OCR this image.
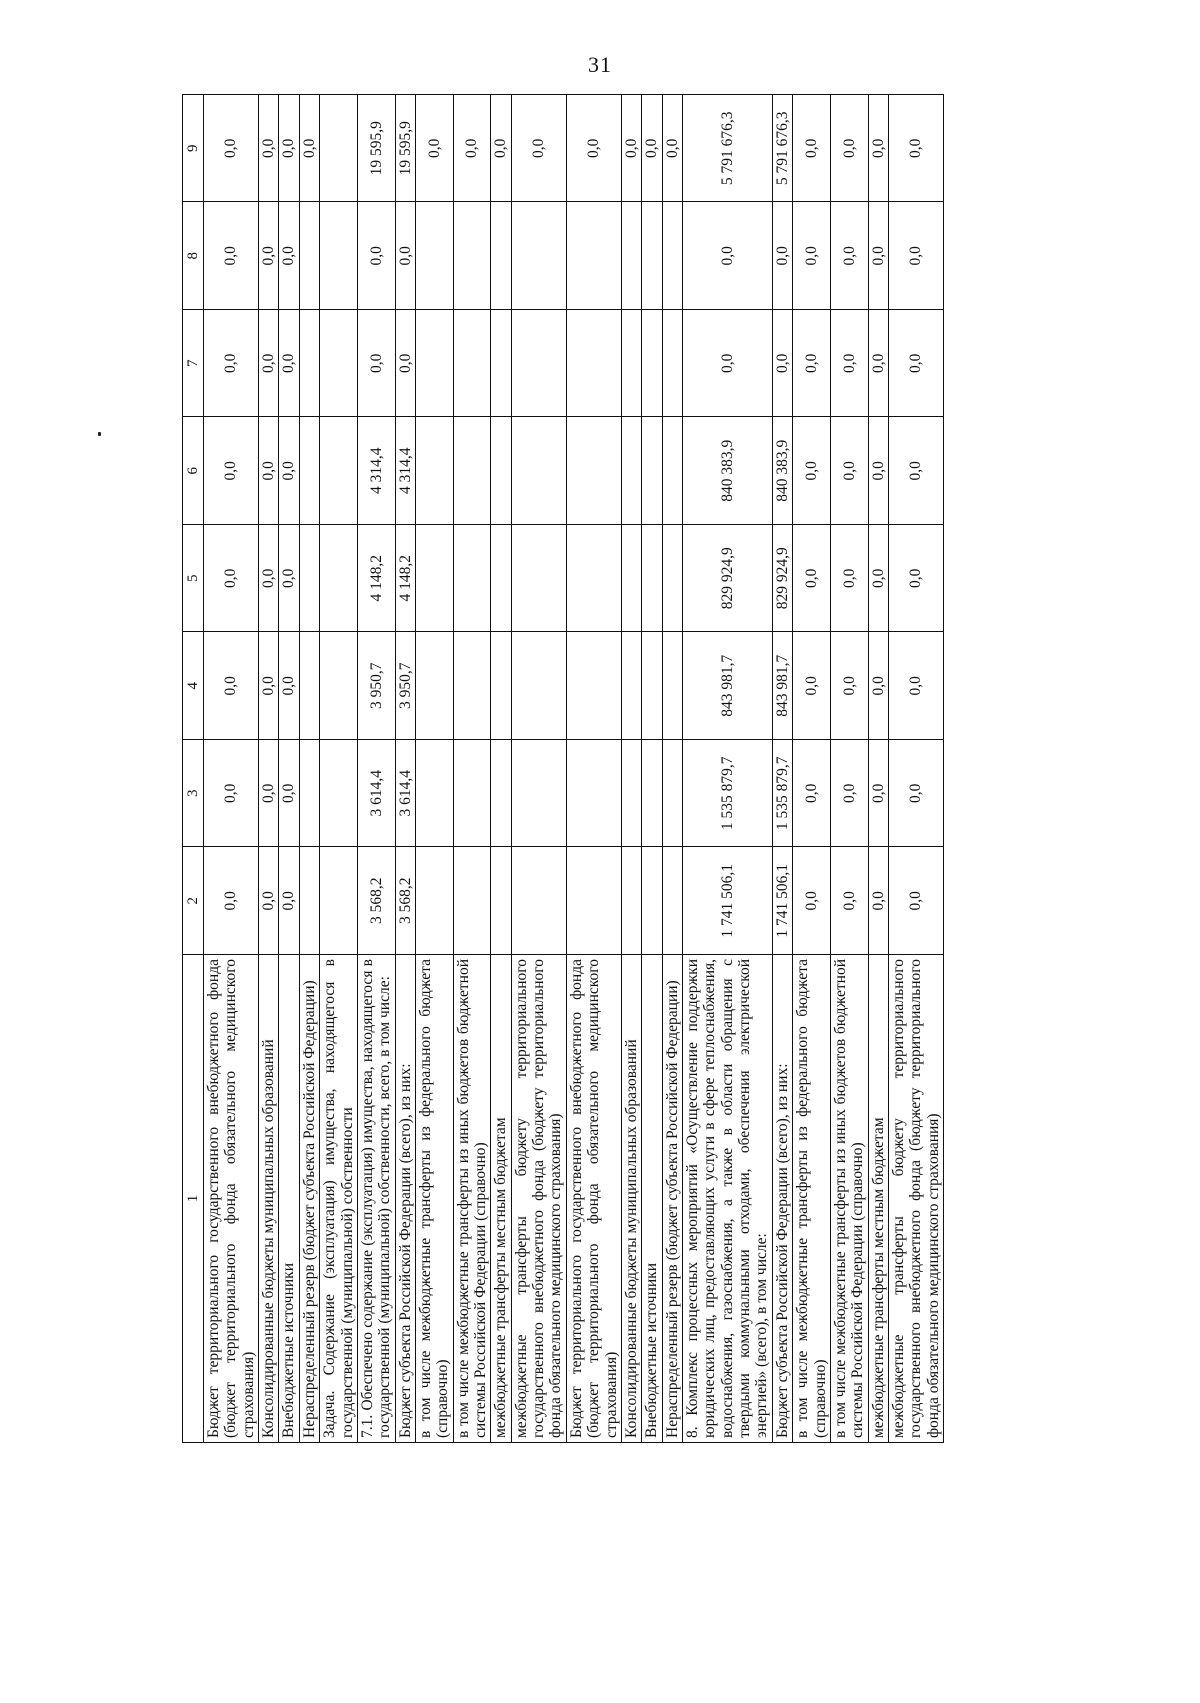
31
1	2	3	4	5	6	7	8	9
Бюджет территориального государственного внебюджетного фонда (бюджет территориального фонда обязательного медицинского страхования)	0,0	0,0	0,0	0,0	0,0	0,0	0,0	0,0
Консолидированные бюджеты муниципальных образований	0,0	0,0	0,0	0,0	0,0	0,0	0,0	0,0
Внебюджетные источники	0,0	0,0	0,0	0,0	0,0	0,0	0,0	0,0
Нераспределенный резерв (бюджет субъекта Российской Федерации)								0,0
Задача. Содержание (эксплуатация) имущества, находящегося в государственной (муниципальной) собственности								
7.1. Обеспечено содержание (эксплуатация) имущества, находящегося в государственной (муниципальной) собственности, всего, в том числе:	3 568,2	3 614,4	3 950,7	4 148,2	4 314,4	0,0	0,0	19 595,9
Бюджет субъекта Российской Федерации (всего), из них:	3 568,2	3 614,4	3 950,7	4 148,2	4 314,4	0,0	0,0	19 595,9
в том числе межбюджетные трансферты из федерального бюджета (справочно)								0,0
в том числе межбюджетные трансферты из иных бюджетов бюджетной системы Российской Федерации (справочно)								0,0
межбюджетные трансферты местным бюджетам								0,0
межбюджетные трансферты бюджету территориального государственного внебюджетного фонда (бюджету территориального фонда обязательного медицинского страхования)								0,0
Бюджет территориального государственного внебюджетного фонда (бюджет территориального фонда обязательного медицинского страхования)								0,0
Консолидированные бюджеты муниципальных образований								0,0
Внебюджетные источники								0,0
Нераспределенный резерв (бюджет субъекта Российской Федерации)								0,0
8. Комплекс процессных мероприятий «Осуществление поддержки юридических лиц, предоставляющих услуги в сфере теплоснабжения, водоснабжения, газоснабжения, а также в области обращения с твердыми коммунальными отходами, обеспечения электрической энергией» (всего), в том числе:	1 741 506,1	1 535 879,7	843 981,7	829 924,9	840 383,9	0,0	0,0	5 791 676,3
Бюджет субъекта Российской Федерации (всего), из них:	1 741 506,1	1 535 879,7	843 981,7	829 924,9	840 383,9	0,0	0,0	5 791 676,3
в том числе межбюджетные трансферты из федерального бюджета (справочно)	0,0	0,0	0,0	0,0	0,0	0,0	0,0	0,0
в том числе межбюджетные трансферты из иных бюджетов бюджетной системы Российской Федерации (справочно)	0,0	0,0	0,0	0,0	0,0	0,0	0,0	0,0
межбюджетные трансферты местным бюджетам	0,0	0,0	0,0	0,0	0,0	0,0	0,0	0,0
межбюджетные трансферты бюджету территориального государственного внебюджетного фонда (бюджету территориального фонда обязательного медицинского страхования)	0,0	0,0	0,0	0,0	0,0	0,0	0,0	0,0
